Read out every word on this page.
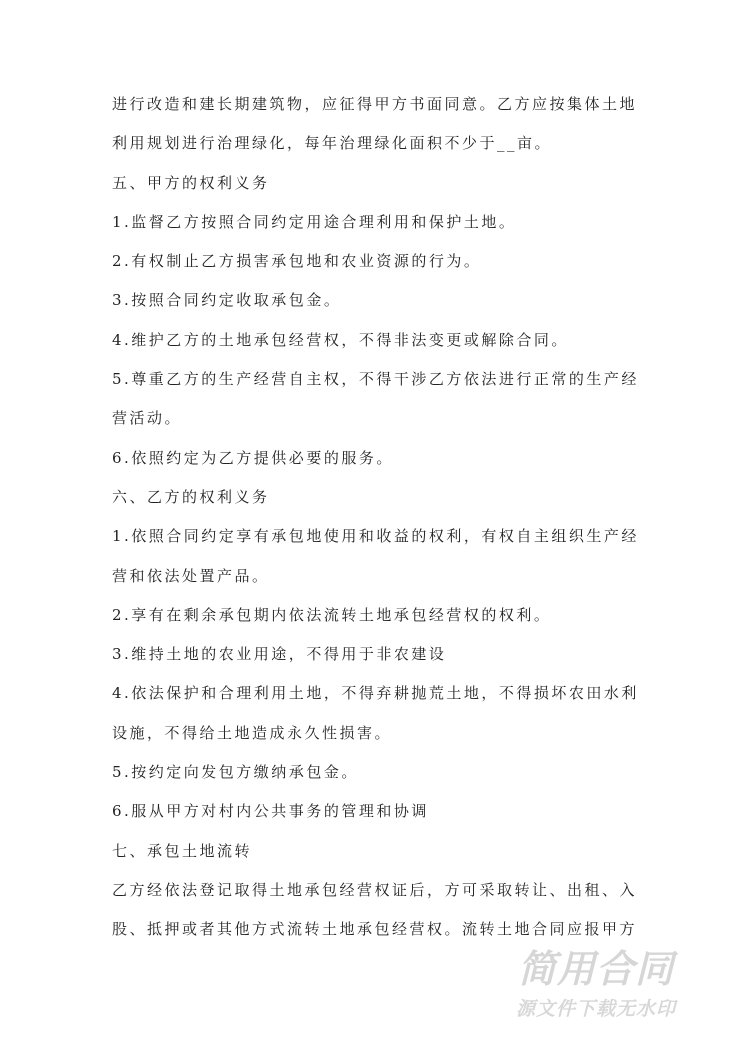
进行改造和建长期建筑物，应征得甲方书面同意。乙方应按集体土地
利用规划进行治理绿化，每年治理绿化面积不少于__亩。
五、甲方的权利义务
1.监督乙方按照合同约定用途合理利用和保护土地。
2.有权制止乙方损害承包地和农业资源的行为。
3.按照合同约定收取承包金。
4.维护乙方的土地承包经营权，不得非法变更或解除合同。
5.尊重乙方的生产经营自主权，不得干涉乙方依法进行正常的生产经
营活动。
6.依照约定为乙方提供必要的服务。
六、乙方的权利义务
1.依照合同约定享有承包地使用和收益的权利，有权自主组织生产经
营和依法处置产品。
2.享有在剩余承包期内依法流转土地承包经营权的权利。
3.维持土地的农业用途，不得用于非农建设
4.依法保护和合理利用土地，不得弃耕抛荒土地，不得损坏农田水利
设施，不得给土地造成永久性损害。
5.按约定向发包方缴纳承包金。
6.服从甲方对村内公共事务的管理和协调
七、承包土地流转
乙方经依法登记取得土地承包经营权证后，方可采取转让、出租、入
股、抵押或者其他方式流转土地承包经营权。流转土地合同应报甲方
简用合同
源文件下载无水印
